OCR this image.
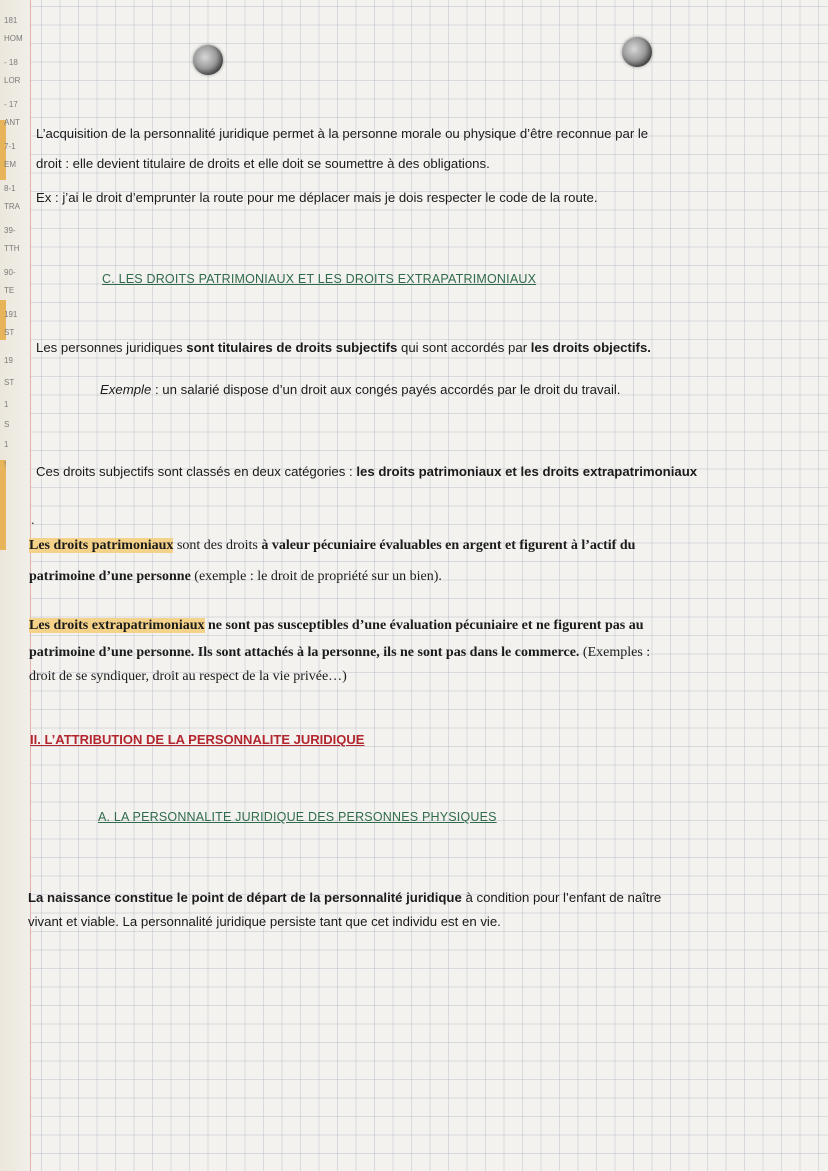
181
HOM
- 18
LOR
- 17
ANT
7-1
EM
8-1
TRA
39-
TTH
90-
TE
191
ST
19
ST
1
S
1
!
L’acquisition de la personnalité juridique permet à la personne morale ou physique d’être reconnue par le
droit : elle devient titulaire de droits et elle doit se soumettre à des obligations.
Ex : j’ai le droit d’emprunter la route pour me déplacer mais je dois respecter le code de la route.
C. LES DROITS PATRIMONIAUX ET LES DROITS EXTRAPATRIMONIAUX
Les personnes juridiques sont titulaires de droits subjectifs qui sont accordés par les droits objectifs.
Exemple : un salarié dispose d’un droit aux congés payés accordés par le droit du travail.
Ces droits subjectifs sont classés en deux catégories : les droits patrimoniaux et les droits extrapatrimoniaux
.
Les droits patrimoniaux sont des droits à valeur pécuniaire évaluables en argent et figurent à l’actif du
patrimoine d’une personne (exemple : le droit de propriété sur un bien).
Les droits extrapatrimoniaux ne sont pas susceptibles d’une évaluation pécuniaire et ne figurent pas au
patrimoine d’une personne. Ils sont attachés à la personne, ils ne sont pas dans le commerce. (Exemples :
droit de se syndiquer, droit au respect de la vie privée…)
II. L’ATTRIBUTION DE LA PERSONNALITE JURIDIQUE
A. LA PERSONNALITE JURIDIQUE DES PERSONNES PHYSIQUES
La naissance constitue le point de départ de la personnalité juridique à condition pour l’enfant de naître
vivant et viable. La personnalité juridique persiste tant que cet individu est en vie.
